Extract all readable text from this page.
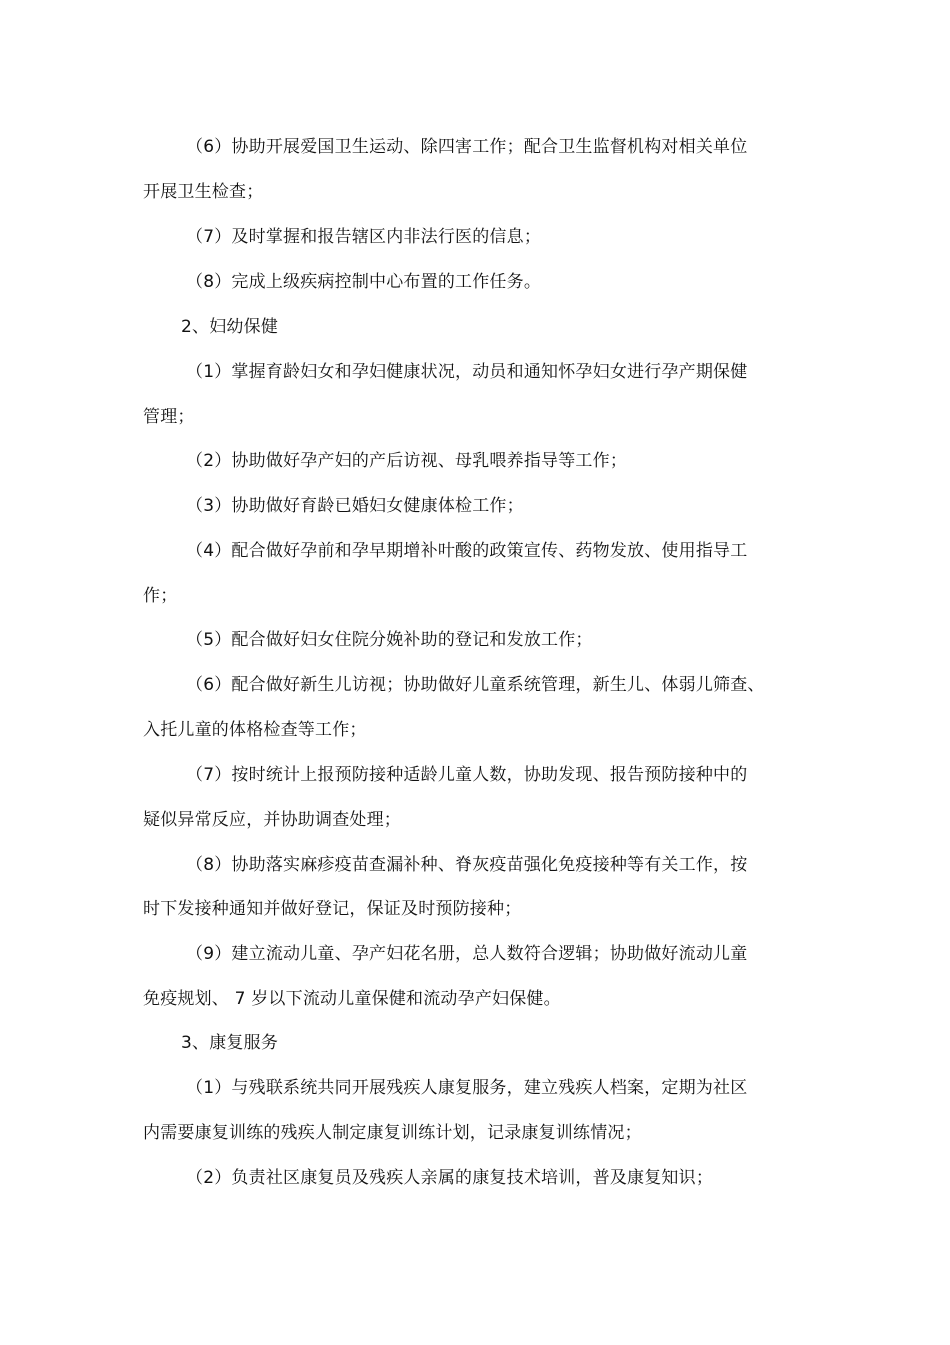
（6）协助开展爱国卫生运动、除四害工作；配合卫生监督机构对相关单位
开展卫生检查；
（7）及时掌握和报告辖区内非法行医的信息；
（8）完成上级疾病控制中心布置的工作任务。
2、妇幼保健
（1）掌握育龄妇女和孕妇健康状况，动员和通知怀孕妇女进行孕产期保健
管理；
（2）协助做好孕产妇的产后访视、母乳喂养指导等工作；
（3）协助做好育龄已婚妇女健康体检工作；
（4）配合做好孕前和孕早期增补叶酸的政策宣传、药物发放、使用指导工
作；
（5）配合做好妇女住院分娩补助的登记和发放工作；
（6）配合做好新生儿访视；协助做好儿童系统管理，新生儿、体弱儿筛查、
入托儿童的体格检查等工作；
（7）按时统计上报预防接种适龄儿童人数，协助发现、报告预防接种中的
疑似异常反应，并协助调查处理；
（8）协助落实麻疹疫苗查漏补种、脊灰疫苗强化免疫接种等有关工作，按
时下发接种通知并做好登记，保证及时预防接种；
（9）建立流动儿童、孕产妇花名册，总人数符合逻辑；协助做好流动儿童
免疫规划、 7 岁以下流动儿童保健和流动孕产妇保健。
3、康复服务
（1）与残联系统共同开展残疾人康复服务，建立残疾人档案，定期为社区
内需要康复训练的残疾人制定康复训练计划，记录康复训练情况；
（2）负责社区康复员及残疾人亲属的康复技术培训，普及康复知识；
